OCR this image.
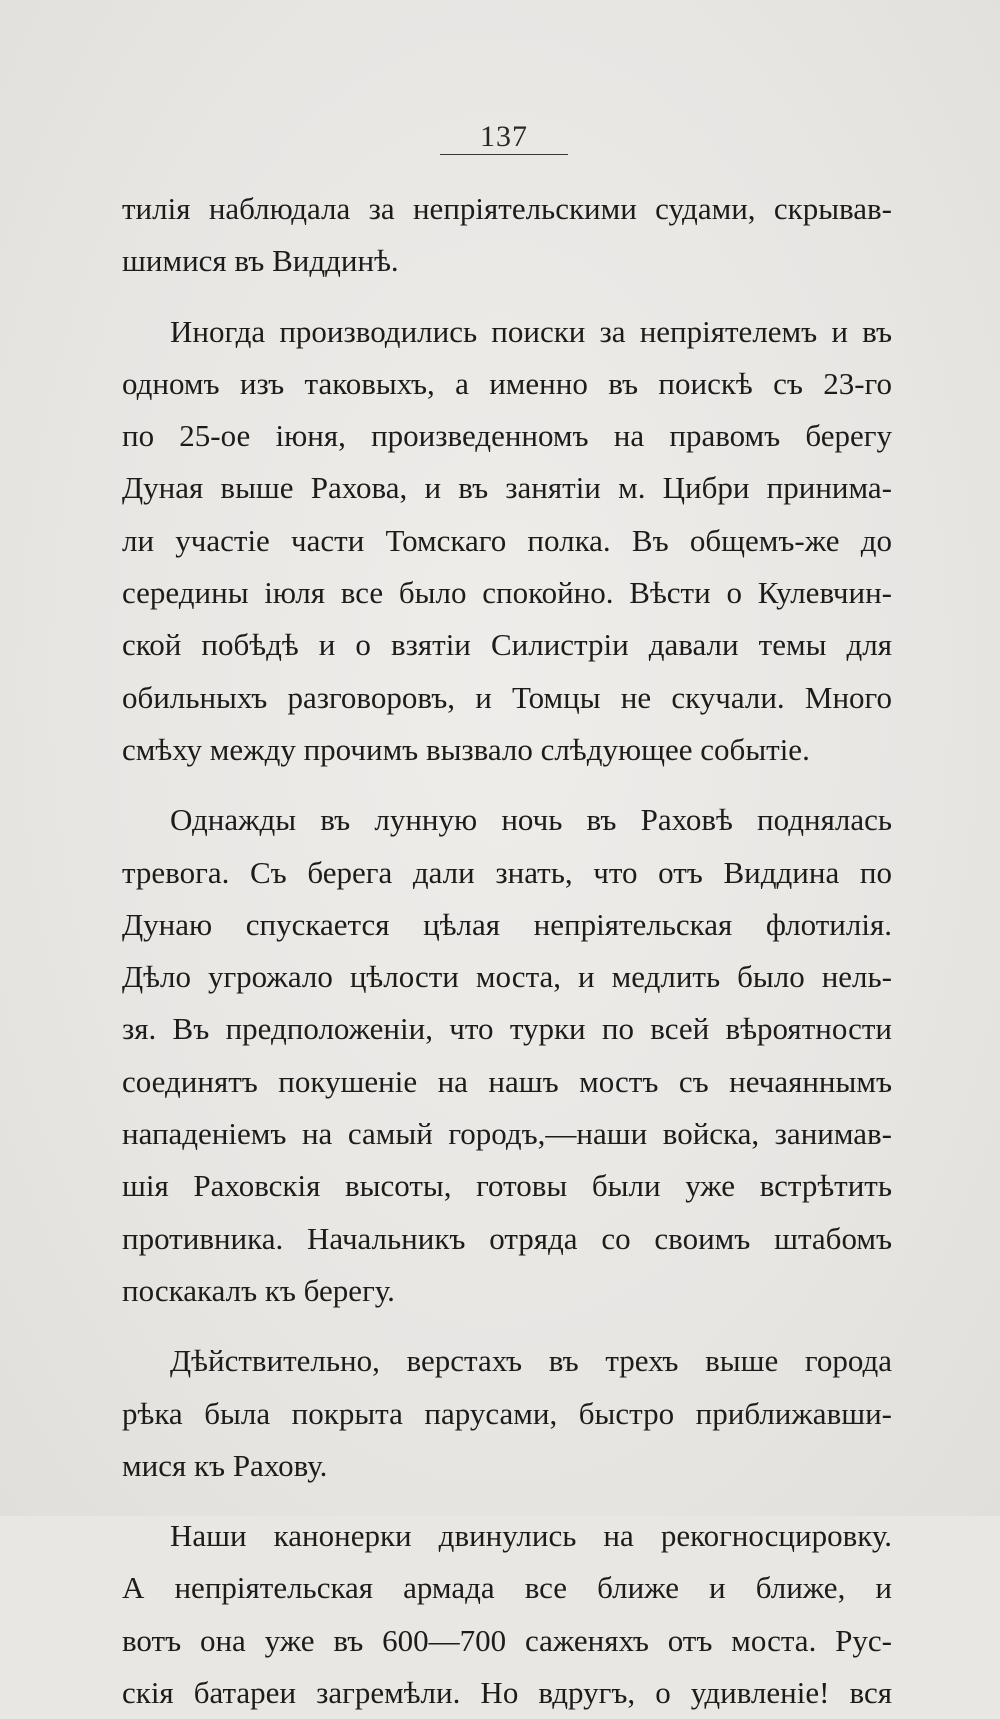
137
тилія наблюдала за непріятельскими судами, скрывав-
шимися въ Виддинѣ.
Иногда производились поиски за непріятелемъ и въ
одномъ изъ таковыхъ, а именно въ поискѣ съ 23-го
по 25-ое іюня, произведенномъ на правомъ берегу
Дуная выше Рахова, и въ занятіи м. Цибри принима-
ли участіе части Томскаго полка. Въ общемъ-же до
середины іюля все было спокойно. Вѣсти о Кулевчин-
ской побѣдѣ и о взятіи Силистріи давали темы для
обильныхъ разговоровъ, и Томцы не скучали. Много
смѣху между прочимъ вызвало слѣдующее событіе.
Однажды въ лунную ночь въ Раховѣ поднялась
тревога. Съ берега дали знать, что отъ Виддина по
Дунаю спускается цѣлая непріятельская флотилія.
Дѣло угрожало цѣлости моста, и медлить было нель-
зя. Въ предположеніи, что турки по всей вѣроятности
соединятъ покушеніе на нашъ мостъ съ нечаяннымъ
нападеніемъ на самый городъ,—наши войска, занимав-
шія Раховскія высоты, готовы были уже встрѣтить
противника. Начальникъ отряда со своимъ штабомъ
поскакалъ къ берегу.
Дѣйствительно, верстахъ въ трехъ выше города
рѣка была покрыта парусами, быстро приближавши-
мися къ Рахову.
Наши канонерки двинулись на рекогносцировку.
А непріятельская армада все ближе и ближе, и
вотъ она уже въ 600—700 саженяхъ отъ моста. Рус-
скія батареи загремѣли. Но вдругъ, о удивленіе! вся
